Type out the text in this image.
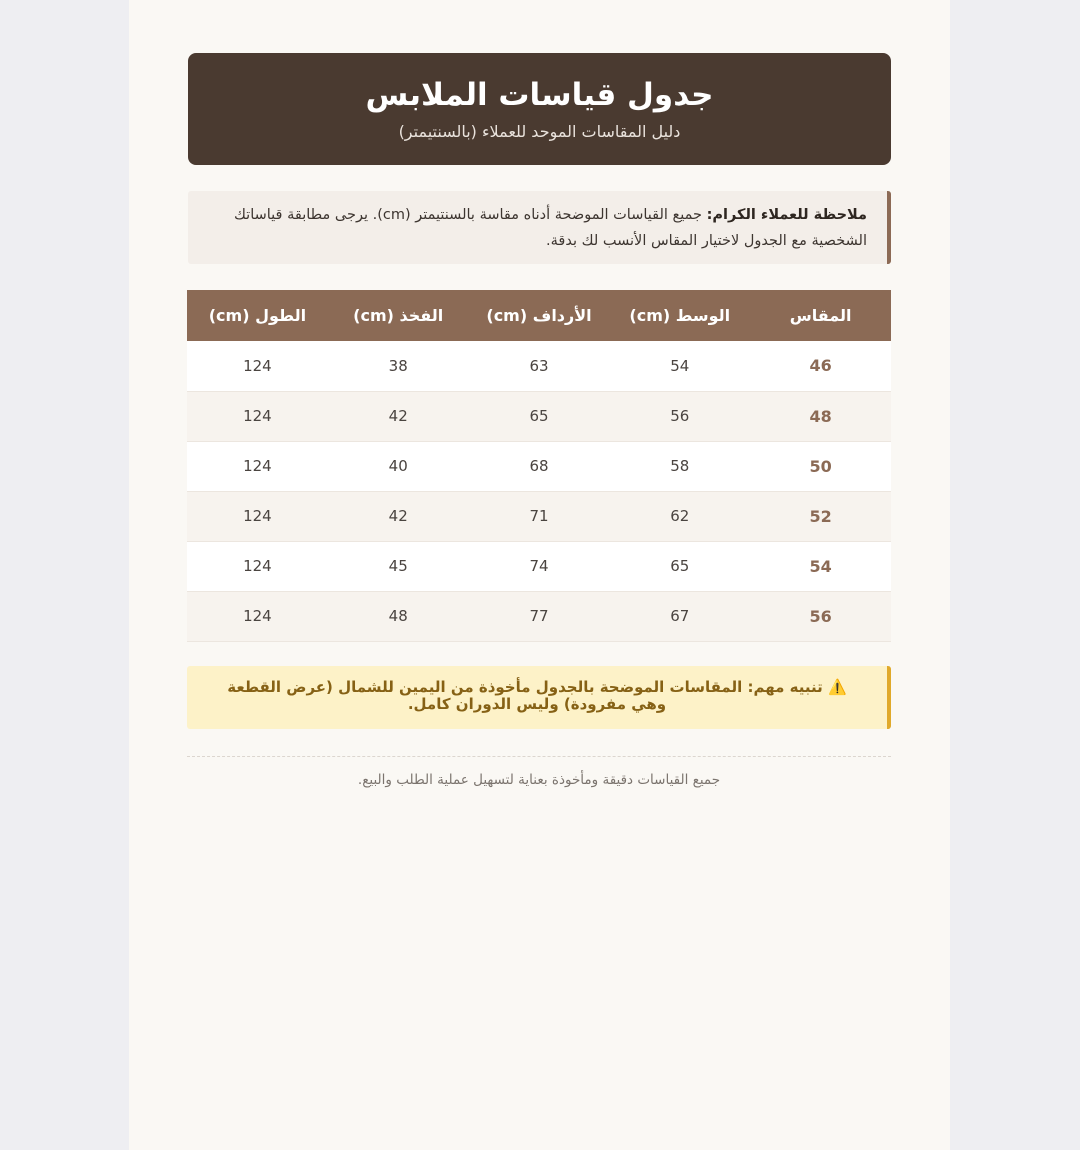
جدول قياسات الملابس
دليل المقاسات الموحد للعملاء (بالسنتيمتر)
ملاحظة للعملاء الكرام: جميع القياسات الموضحة أدناه مقاسة بالسنتيمتر (cm). يرجى مطابقة قياساتك الشخصية مع الجدول لاختيار المقاس الأنسب لك بدقة.
المقاس	الوسط (cm)	الأرداف (cm)	الفخذ (cm)	الطول (cm)
46	54	63	38	124
48	56	65	42	124
50	58	68	40	124
52	62	71	42	124
54	65	74	45	124
56	67	77	48	124
⚠️ تنبيه مهم: المقاسات الموضحة بالجدول مأخوذة من اليمين للشمال (عرض القطعة وهي مفرودة) وليس الدوران كامل.
جميع القياسات دقيقة ومأخوذة بعناية لتسهيل عملية الطلب والبيع.
